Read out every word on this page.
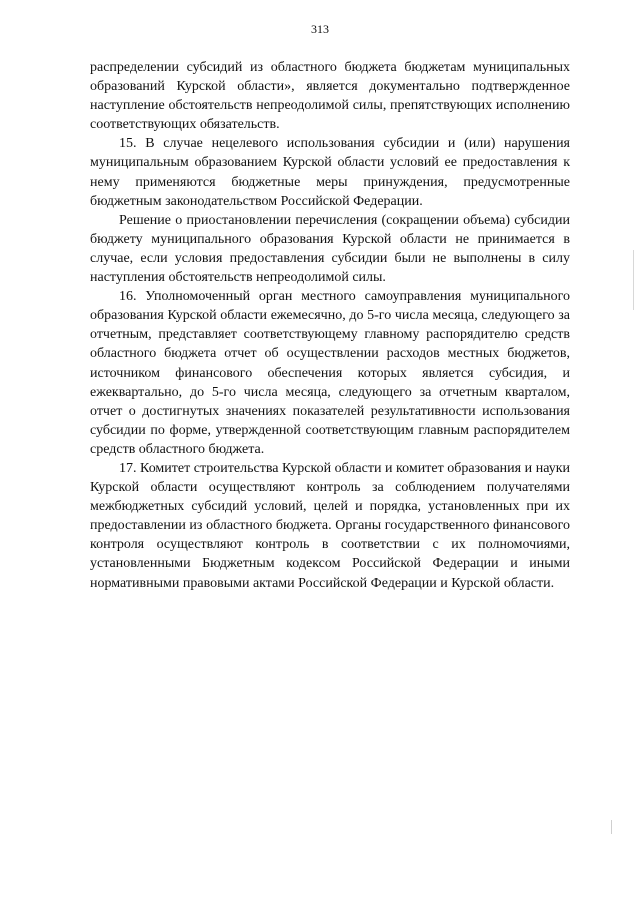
313

распределении субсидий из областного бюджета бюджетам муниципальных образований Курской области», является документально подтвержденное наступление обстоятельств непреодолимой силы, препятствующих исполнению соответствующих обязательств.

15. В случае нецелевого использования субсидии и (или) нарушения муниципальным образованием Курской области условий ее предоставления к нему применяются бюджетные меры принуждения, предусмотренные бюджетным законодательством Российской Федерации.

Решение о приостановлении перечисления (сокращении объема) субсидии бюджету муниципального образования Курской области не принимается в случае, если условия предоставления субсидии были не выполнены в силу наступления обстоятельств непреодолимой силы.

16. Уполномоченный орган местного самоуправления муниципального образования Курской области ежемесячно, до 5-го числа месяца, следующего за отчетным, представляет соответствующему главному распорядителю средств областного бюджета отчет об осуществлении расходов местных бюджетов, источником финансового обеспечения которых является субсидия, и ежеквартально, до 5-го числа месяца, следующего за отчетным кварталом, отчет о достигнутых значениях показателей результативности использования субсидии по форме, утвержденной соответствующим главным распорядителем средств областного бюджета.

17. Комитет строительства Курской области и комитет образования и науки Курской области осуществляют контроль за соблюдением получателями межбюджетных субсидий условий, целей и порядка, установленных при их предоставлении из областного бюджета. Органы государственного финансового контроля осуществляют контроль в соответствии с их полномочиями, установленными Бюджетным кодексом Российской Федерации и иными нормативными правовыми актами Российской Федерации и Курской области.
